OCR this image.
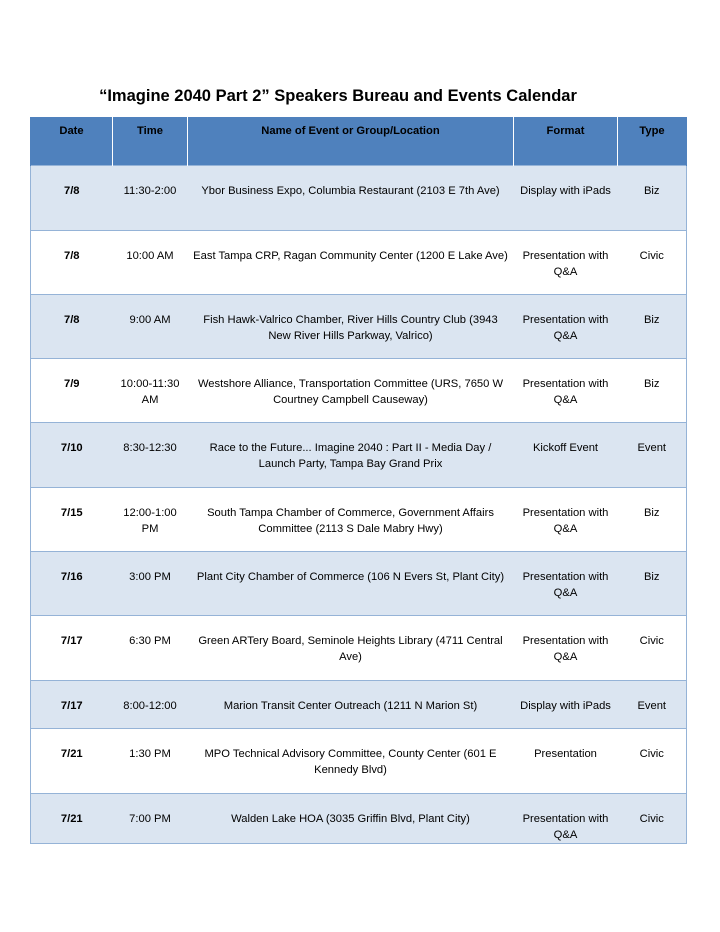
“Imagine 2040 Part 2” Speakers Bureau and Events Calendar
Date	Time	Name of Event or Group/Location	Format	Type
7/8	11:30-2:00	Ybor Business Expo, Columbia Restaurant (2103 E 7th Ave)	Display with iPads	Biz
7/8	10:00 AM	East Tampa CRP, Ragan Community Center (1200 E Lake Ave)	Presentation with Q&A	Civic
7/8	9:00 AM	Fish Hawk-Valrico Chamber, River Hills Country Club (3943 New River Hills Parkway, Valrico)	Presentation with Q&A	Biz
7/9	10:00-11:30 AM	Westshore Alliance, Transportation Committee (URS, 7650 W Courtney Campbell Causeway)	Presentation with Q&A	Biz
7/10	8:30-12:30	Race to the Future... Imagine 2040 : Part II - Media Day / Launch Party, Tampa Bay Grand Prix	Kickoff Event	Event
7/15	12:00-1:00 PM	South Tampa Chamber of Commerce, Government Affairs Committee (2113 S Dale Mabry Hwy)	Presentation with Q&A	Biz
7/16	3:00 PM	Plant City Chamber of Commerce (106 N Evers St, Plant City)	Presentation with Q&A	Biz
7/17	6:30 PM	Green ARTery Board, Seminole Heights Library (4711 Central Ave)	Presentation with Q&A	Civic
7/17	8:00-12:00	Marion Transit Center Outreach (1211 N Marion St)	Display with iPads	Event
7/21	1:30 PM	MPO Technical Advisory Committee, County Center (601 E Kennedy Blvd)	Presentation	Civic
7/21	7:00 PM	Walden Lake HOA (3035 Griffin Blvd, Plant City)	Presentation with Q&A	Civic
